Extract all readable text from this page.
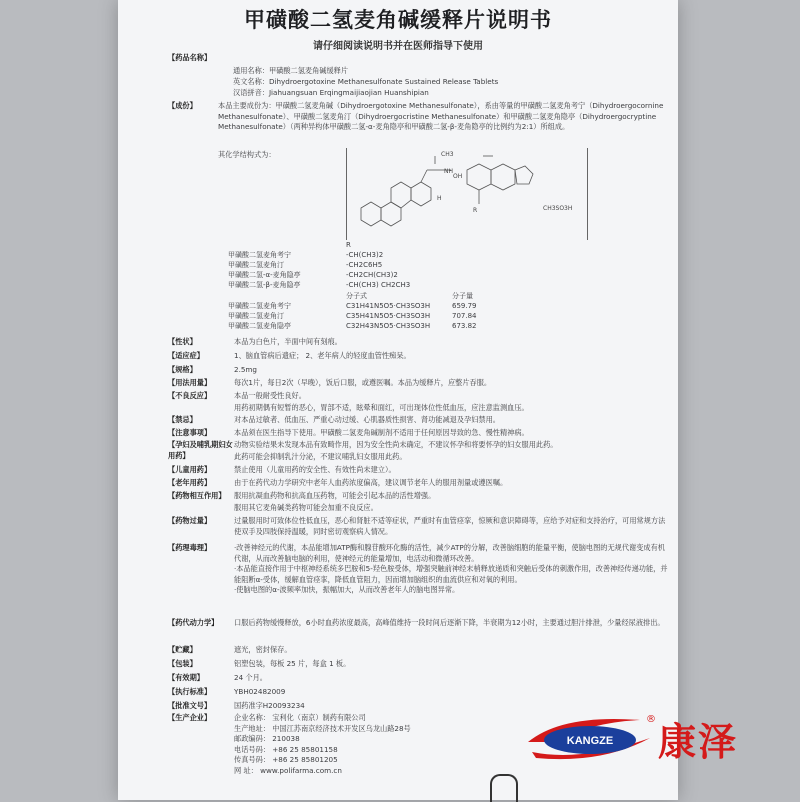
甲磺酸二氢麦角碱缓释片说明书
请仔细阅读说明书并在医师指导下使用
【药品名称】
通用名称：甲磺酸二氢麦角碱缓释片
英文名称：Dihydroergotoxine Methanesulfonate Sustained Release Tablets
汉语拼音：Jiahuangsuan Erqingmaijiaojian Huanshipian
【成份】	本品主要成份为：甲磺酸二氢麦角碱（Dihydroergotoxine Methanesulfonate），系由等量的甲磺酸二氢麦角考宁（Dihydroergocornine Methanesulfonate）、甲磺酸二氢麦角汀（Dihydroergocristine Methanesulfonate）和甲磺酸二氢麦角隐亭（Dihydroergocryptine Methanesulfonate）（两种异构体甲磺酸二氢-α-麦角隐亭和甲磺酸二氢-β-麦角隐亭的比例约为2:1）所组成。
其化学结构式为：
NH
OH
CH3
H
R	CH3SO3H
	R
甲磺酸二氢麦角考宁	-CH(CH3)2
甲磺酸二氢麦角汀	-CH2C6H5
甲磺酸二氢-α-麦角隐亭	-CH2CH(CH3)2
甲磺酸二氢-β-麦角隐亭	-CH(CH3) CH2CH3
	分子式	分子量
甲磺酸二氢麦角考宁	C31H41N5O5·CH3SO3H	659.79
甲磺酸二氢麦角汀	C35H41N5O5·CH3SO3H	707.84
甲磺酸二氢麦角隐亭	C32H43N5O5·CH3SO3H	673.82
【性状】	本品为白色片，半面中间有刻痕。
【适应症】	1、脑血管病后遗症； 2、老年病人的轻度血管性痴呆。
【规格】	2.5mg
【用法用量】	每次1片，每日2次（早晚），饭后口服，或遵医嘱。本品为缓释片，应整片吞服。
【不良反应】	本品一般耐受性良好。
用药初期偶有短暂的恶心，胃部不适，眩晕和面红，可出现体位性低血压，应注意监测血压。
【禁忌】	对本品过敏者、低血压、严重心动过缓、心肌器质性损害、肾功能减退及孕妇禁用。
【注意事项】	本品须在医生指导下使用。甲磺酸二氢麦角碱制剂不适用于任何原因导致的急、慢性精神病。
【孕妇及哺乳期妇女用药】
动物实验结果未发现本品有致畸作用，因为安全性尚未确定，不建议怀孕和将要怀孕的妇女服用此药。
此药可能会抑制乳汁分泌，不建议哺乳妇女服用此药。
【儿童用药】	禁止使用（儿童用药的安全性、有效性尚未建立）。
【老年用药】	由于在药代动力学研究中老年人血药浓度偏高，建议调节老年人的服用剂量或遵医嘱。
【药物相互作用】 服用抗凝血药物和抗高血压药物，可能会引起本品的活性增强。
服用其它麦角碱类药物可能会加重不良反应。
【药物过量】	过量服用时可致体位性低血压，恶心和肾脏不适等症状，严重时有血管痉挛，惊厥和意识障碍等，应给予对症和支持治疗，可用常规方法使双手及四肢保持温暖，同时密切观察病人情况。
【药理毒理】	·改善神经元的代谢，本品能增加ATP酶和腺苷酸环化酶的活性，减少ATP的分解，改善脑细胞的能量平衡，使脑电图的无规代谢变成有机代谢，从而改善脑电脑的利用，使神经元的能量增加，电活动和微循环改善。
·本品能直接作用于中枢神经系统多巴胺和5-羟色胺受体，增强突触前神经末梢释放递质和突触后受体的刺激作用，改善神经传递功能，并能阻断α-受体，缓解血管痉挛，降低血管阻力，因而增加脑组织的血流供应和对氧的利用。
·使脑电图的α-波频率加快，振幅加大，从而改善老年人的脑电图异常。
【药代动力学】 口服后药物缓慢释放，6小时血药浓度最高，高峰值维持一段时间后逐渐下降，半衰期为12小时，主要通过胆汁排泄，少量经尿液排出。
【贮藏】	遮光，密封保存。
【包装】	铝塑包装，每板 25 片，每盒 1 板。
【有效期】	24 个月。
【执行标准】	YBH02482009
【批准文号】	国药准字H20093234
【生产企业】	企业名称： 宝利化（南京）制药有限公司
生产地址： 中国江苏南京经济技术开发区乌龙山路28号
邮政编码： 210038
电话号码： +86 25 85801158
传真号码： +86 25 85801205
网 址： www.polifarma.com.cn
KANGZE
® 康泽
